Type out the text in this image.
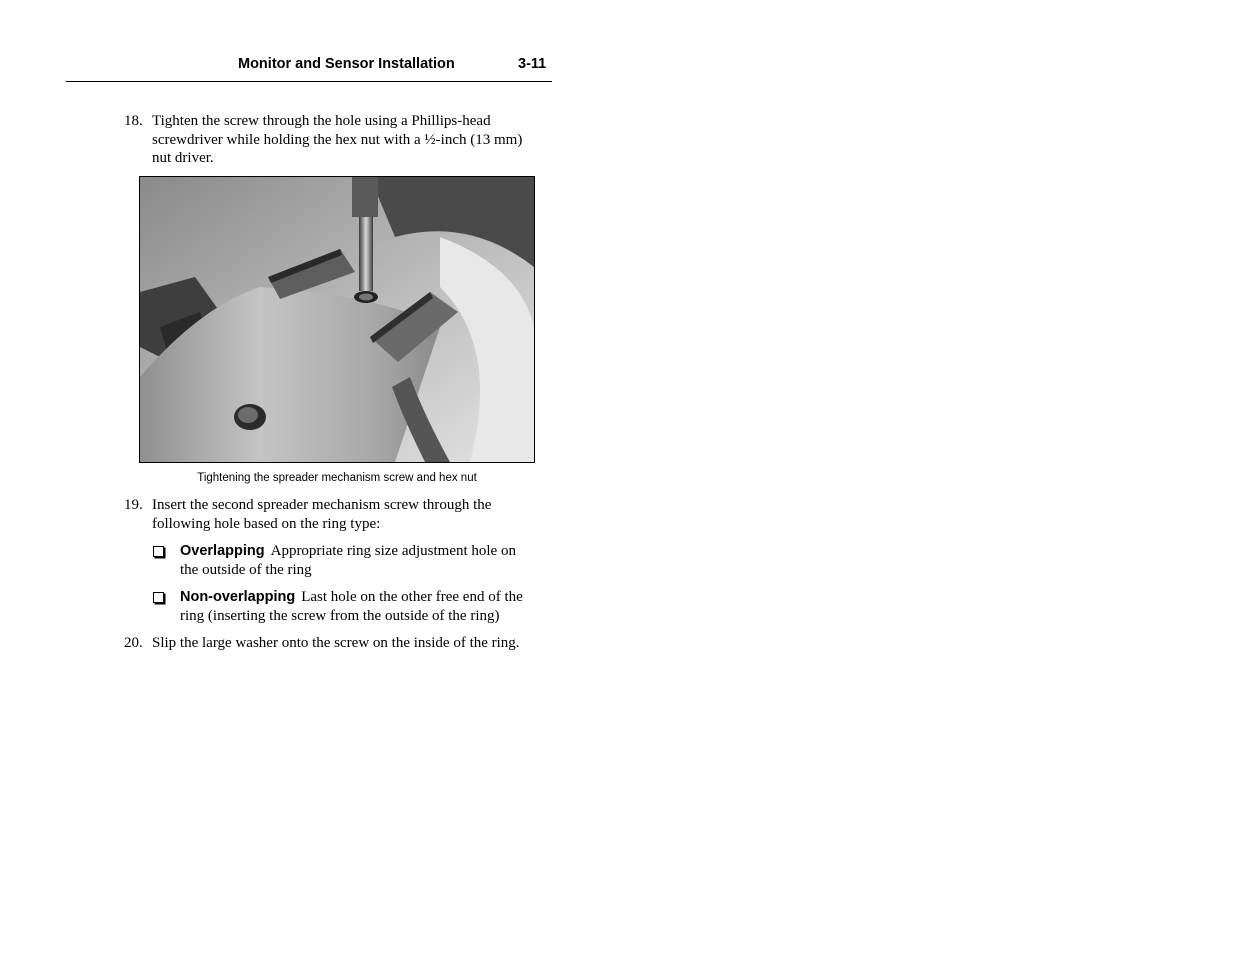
Monitor and Sensor Installation	3-11
18. Tighten the screw through the hole using a Phillips-head
screwdriver while holding the hex nut with a ½-inch (13 mm)
nut driver.
Tightening the spreader mechanism screw and hex nut
19. Insert the second spreader mechanism screw through the
following hole based on the ring type:
Overlapping Appropriate ring size adjustment hole on
the outside of the ring
Non-overlapping Last hole on the other free end of the
ring (inserting the screw from the outside of the ring)
20. Slip the large washer onto the screw on the inside of the ring.
